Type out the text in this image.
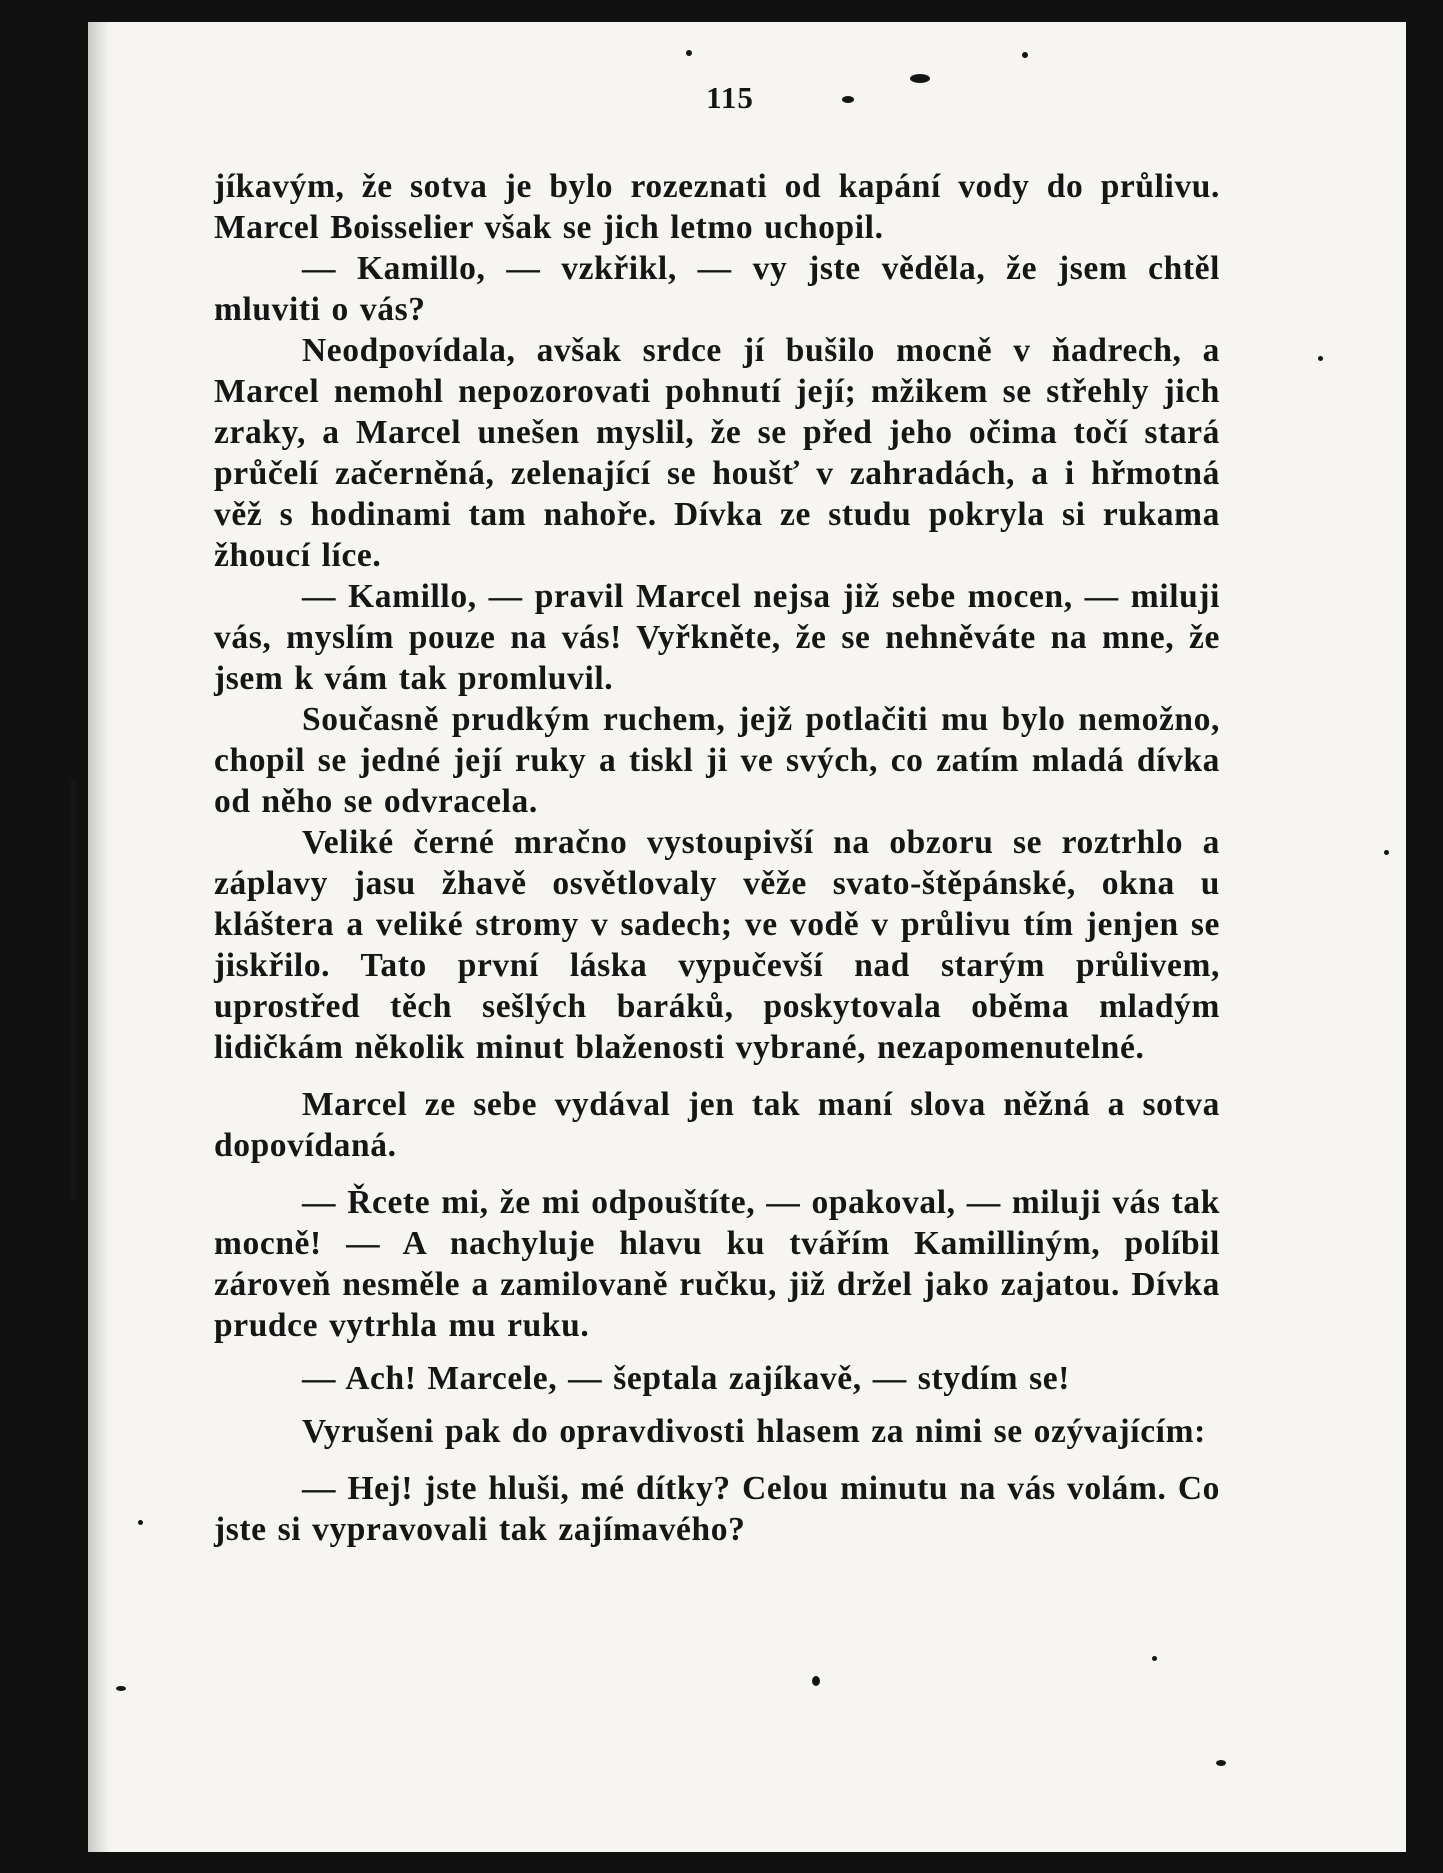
115

jíkavým, že sotva je bylo rozeznati od kapání vody do průlivu. Marcel Boisselier však se jich letmo uchopil.

— Kamillo, — vzkřikl, — vy jste věděla, že jsem chtěl mluviti o vás?

Neodpovídala, avšak srdce jí bušilo mocně v ňadrech, a Marcel nemohl nepozorovati pohnutí její; mžikem se střehly jich zraky, a Marcel unešen myslil, že se před jeho očima točí stará průčelí začerněná, zelenající se houšť v zahradách, a i hřmotná věž s hodinami tam nahoře. Dívka ze studu pokryla si rukama žhoucí líce.

— Kamillo, — pravil Marcel nejsa již sebe mocen, — miluji vás, myslím pouze na vás! Vyřkněte, že se nehněváte na mne, že jsem k vám tak promluvil.

Současně prudkým ruchem, jejž potlačiti mu bylo nemožno, chopil se jedné její ruky a tiskl ji ve svých, co zatím mladá dívka od něho se odvracela.

Veliké černé mračno vystoupivší na obzoru se roztrhlo a záplavy jasu žhavě osvětlovaly věže svato-štěpánské, okna u kláštera a veliké stromy v sadech; ve vodě v průlivu tím jenjen se jiskřilo. Tato první láska vypučevší nad starým průlivem, uprostřed těch sešlých baráků, poskytovala oběma mladým lidičkám několik minut blaženosti vybrané, nezapomenutelné.

Marcel ze sebe vydával jen tak maní slova něžná a sotva dopovídaná.

— Řcete mi, že mi odpouštíte, — opakoval, — miluji vás tak mocně! — A nachyluje hlavu ku tvářím Kamilliným, políbil zároveň nesměle a zamilovaně ručku, již držel jako zajatou. Dívka prudce vytrhla mu ruku.

— Ach! Marcele, — šeptala zajíkavě, — stydím se!

Vyrušeni pak do opravdivosti hlasem za nimi se ozývajícím:

— Hej! jste hluši, mé dítky? Celou minutu na vás volám. Co jste si vypravovali tak zajímavého?
